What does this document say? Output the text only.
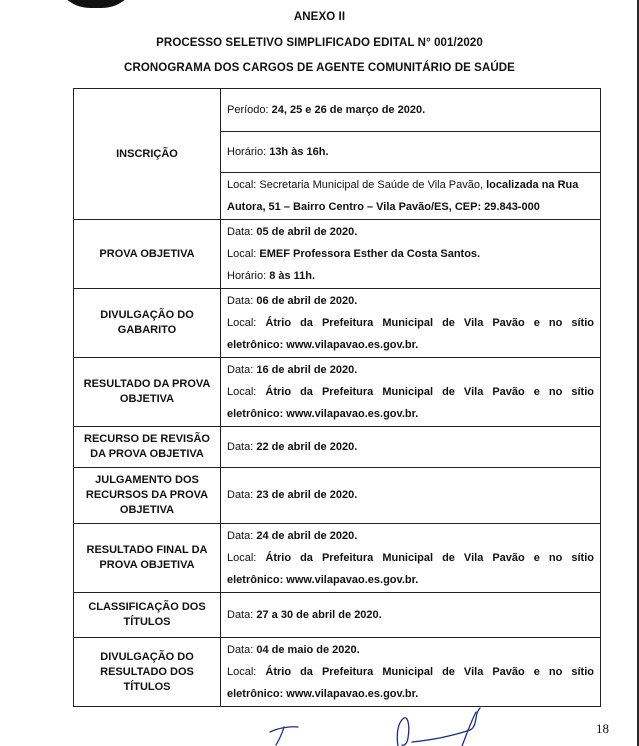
ANEXO II
PROCESSO SELETIVO SIMPLIFICADO EDITAL N° 001/2020
CRONOGRAMA DOS CARGOS DE AGENTE COMUNITÁRIO DE SAÚDE
INSCRIÇÃO	Período: 24, 25 e 26 de março de 2020.
	Horário: 13h às 16h.

	Local: Secretaria Municipal de Saúde de Vila Pavão, localizada na Rua
Autora, 51 – Bairro Centro – Vila Pavão/ES, CEP: 29.843-000

PROVA OBJETIVA	Data: 05 de abril de 2020.
Local: EMEF Professora Esther da Costa Santos.
Horário: 8 às 11h.

DIVULGAÇÃO DO GABARITO	Data: 06 de abril de 2020.
Local: Átrio da Prefeitura Municipal de Vila Pavão e no sítio
eletrônico: www.vilapavao.es.gov.br.

RESULTADO DA PROVA OBJETIVA	Data: 16 de abril de 2020.
Local: Átrio da Prefeitura Municipal de Vila Pavão e no sítio
eletrônico: www.vilapavao.es.gov.br.

RECURSO DE REVISÃO DA PROVA OBJETIVA	Data: 22 de abril de 2020.
JULGAMENTO DOS RECURSOS DA PROVA OBJETIVA	Data: 23 de abril de 2020.
RESULTADO FINAL DA PROVA OBJETIVA	Data: 24 de abril de 2020.
Local: Átrio da Prefeitura Municipal de Vila Pavão e no sítio
eletrônico: www.vilapavao.es.gov.br.

CLASSIFICAÇÃO DOS TÍTULOS	Data: 27 a 30 de abril de 2020.
DIVULGAÇÃO DO RESULTADO DOS TÍTULOS	Data: 04 de maio de 2020.
Local: Átrio da Prefeitura Municipal de Vila Pavão e no sítio
eletrônico: www.vilapavao.es.gov.br.
18
